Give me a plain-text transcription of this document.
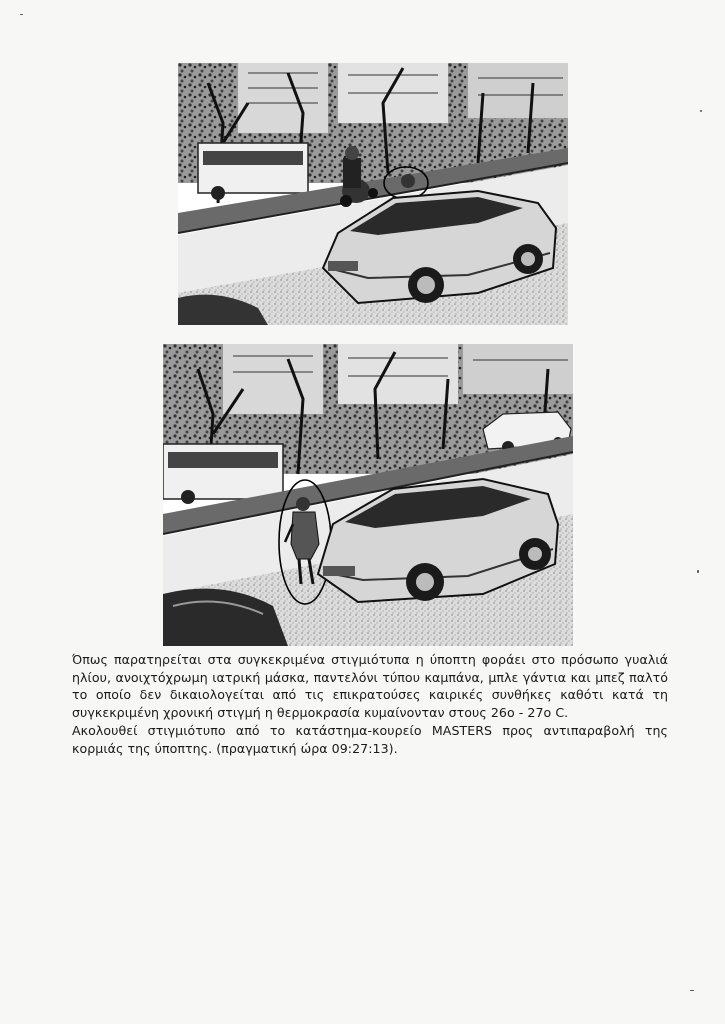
Όπως παρατηρείται στα συγκεκριμένα στιγμιότυπα η ύποπτη φοράει στο πρόσωπο γυαλιά ηλίου, ανοιχτόχρωμη ιατρική μάσκα, παντελόνι τύπου καμπάνα, μπλε γάντια και μπεζ παλτό το οποίο δεν δικαιολογείται από τις επικρατούσες καιρικές συνθήκες καθότι κατά τη συγκεκριμένη χρονική στιγμή η θερμοκρασία κυμαίνονταν στους 26ο - 27ο C.

Ακολουθεί στιγμιότυπο από το κατάστημα-κουρείο MASTERS προς αντιπαραβολή της κορμιάς της ύποπτης. (πραγματική ώρα 09:27:13).
